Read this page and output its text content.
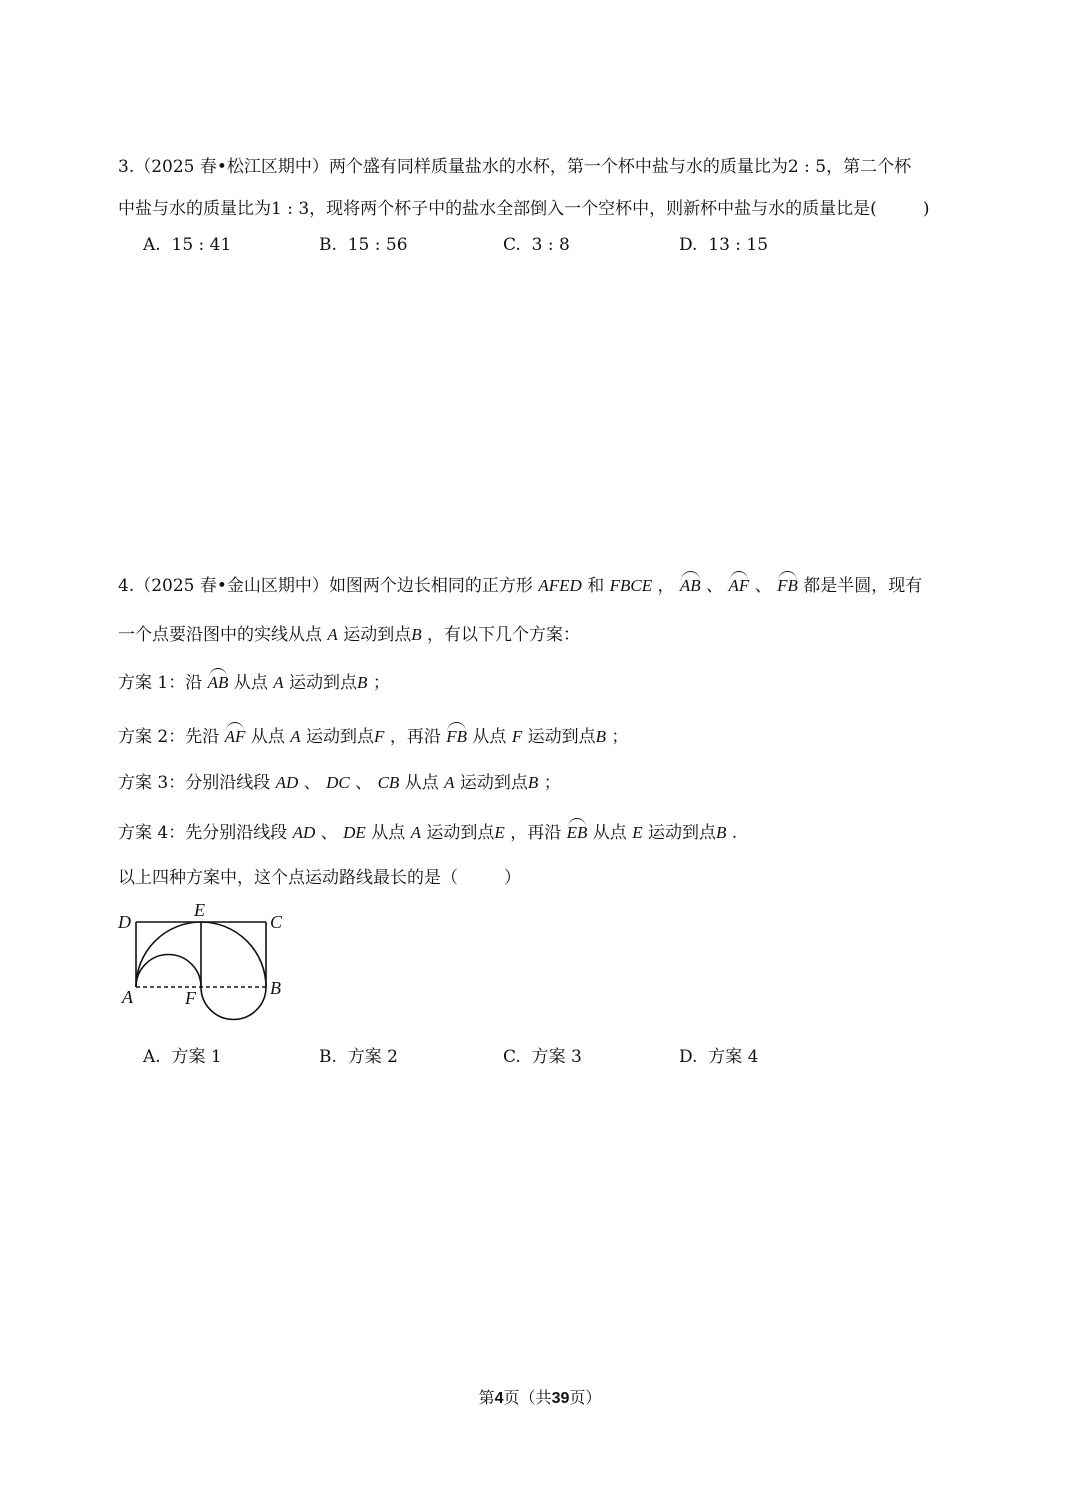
3.（2025 春•松江区期中）两个盛有同样质量盐水的水杯，第一个杯中盐与水的质量比为2 : 5，第二个杯
中盐与水的质量比为1 : 3，现将两个杯子中的盐水全部倒入一个空杯中，则新杯中盐与水的质量比是(	)
A. 15 : 41	B. 15 : 56	C. 3 : 8	D. 13 : 15
4.（2025 春•金山区期中）如图两个边长相同的正方形 AFED 和 FBCE ， AB 、 AF 、 FB 都是半圆，现有
一个点要沿图中的实线从点 A 运动到点B ，有以下几个方案：
方案 1：沿 AB 从点 A 运动到点B ；
方案 2：先沿 AF 从点 A 运动到点F ，再沿 FB 从点 F 运动到点B ；
方案 3：分别沿线段 AD 、 DC 、 CB 从点 A 运动到点B ；
方案 4：先分别沿线段 AD 、 DE 从点 A 运动到点E ，再沿 EB 从点 E 运动到点B .
以上四种方案中，这个点运动路线最长的是（	）
D
E
C
A	F	B
A. 方案 1	B. 方案 2	C. 方案 3	D. 方案 4
第4页（共39页）
